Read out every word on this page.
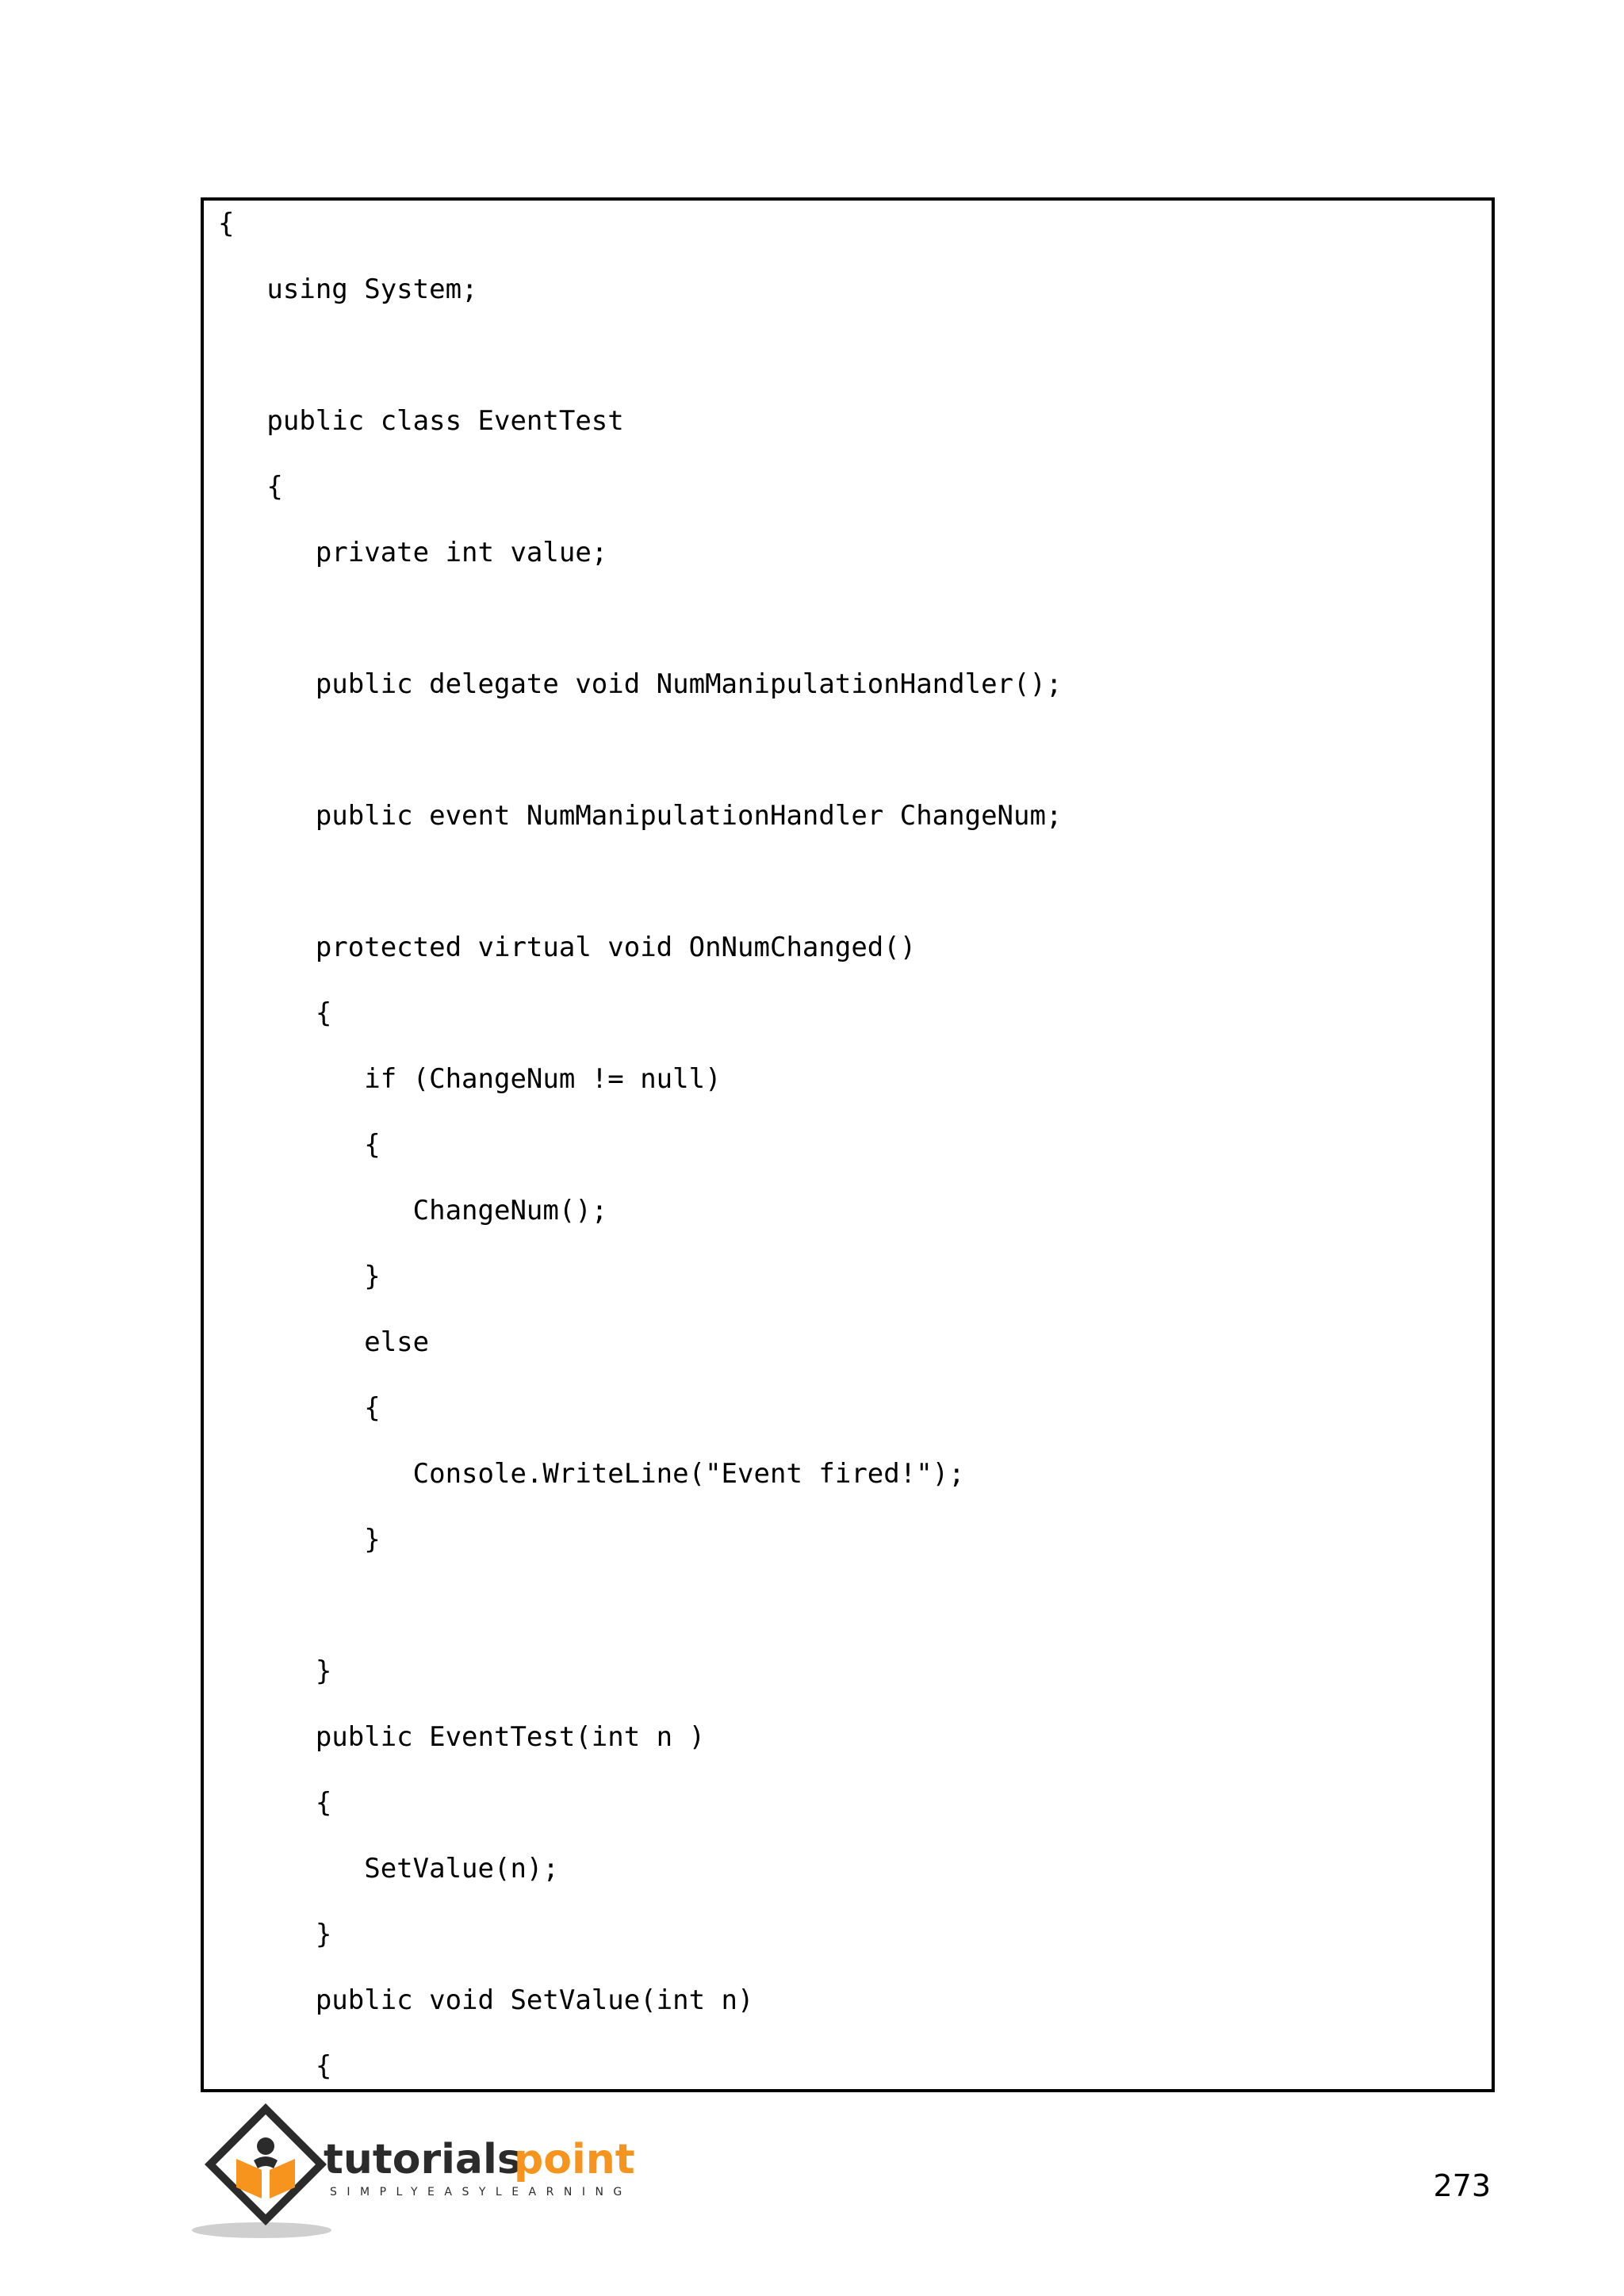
{
using System;
public class EventTest
{
private int value;
public delegate void NumManipulationHandler();
public event NumManipulationHandler ChangeNum;
protected virtual void OnNumChanged()
{
if (ChangeNum != null)
{
ChangeNum();
}
else
{
Console.WriteLine("Event fired!");
}
}
public EventTest(int n )
{
SetValue(n);
}
public void SetValue(int n)
{
tutorials
point
SIMPLYEASYLEARNING	273
